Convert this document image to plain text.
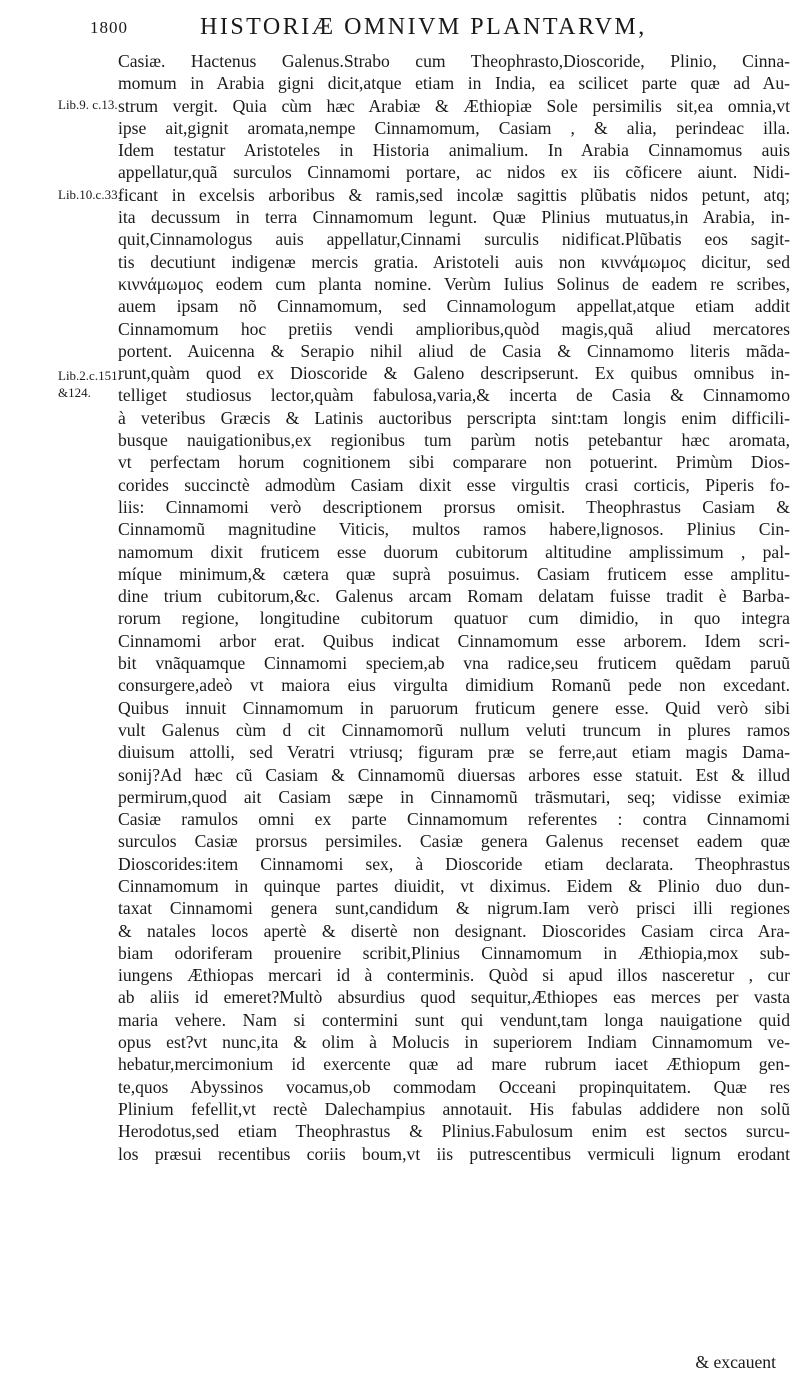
1800	HISTORIÆ OMNIVM PLANTARVM,
Lib.9. c.13.
Lib.10.c.33.
Lib.2.c.151.
&124.
Casiæ. Hactenus Galenus.Strabo cum Theophrasto,Dioscoride, Plinio, Cinna-
momum in Arabia gigni dicit,atque etiam in India, ea scilicet parte quæ ad Au-
strum vergit. Quia cùm hæc Arabiæ & Æthiopiæ Sole persimilis sit,ea omnia,vt
ipse ait,gignit aromata,nempe Cinnamomum, Casiam , & alia, perindeac illa.
Idem testatur Aristoteles in Historia animalium. In Arabia Cinnamomus auis
appellatur,quã surculos Cinnamomi portare, ac nidos ex iis cõficere aiunt. Nidi-
ficant in excelsis arboribus & ramis,sed incolæ sagittis plũbatis nidos petunt, atq;
ita decussum in terra Cinnamomum legunt. Quæ Plinius mutuatus,in Arabia, in-
quit,Cinnamologus auis appellatur,Cinnami surculis nidificat.Plũbatis eos sagit-
tis decutiunt indigenæ mercis gratia. Aristoteli auis non κιννάμωμος dicitur, sed
κιννάμωμος eodem cum planta nomine. Verùm Iulius Solinus de eadem re scribes,
auem ipsam nõ Cinnamomum, sed Cinnamologum appellat,atque etiam addit
Cinnamomum hoc pretiis vendi amplioribus,quòd magis,quã aliud mercatores
portent. Auicenna & Serapio nihil aliud de Casia & Cinnamomo literis mãda-
runt,quàm quod ex Dioscoride & Galeno descripserunt. Ex quibus omnibus in-
telliget studiosus lector,quàm fabulosa,varia,& incerta de Casia & Cinnamomo
à veteribus Græcis & Latinis auctoribus perscripta sint:tam longis enim difficili-
busque nauigationibus,ex regionibus tum parùm notis petebantur hæc aromata,
vt perfectam horum cognitionem sibi comparare non potuerint. Primùm Dios-
corides succinctè admodùm Casiam dixit esse virgultis crasi corticis, Piperis fo-
liis: Cinnamomi verò descriptionem prorsus omisit. Theophrastus Casiam &
Cinnamomũ magnitudine Viticis, multos ramos habere,lignosos. Plinius Cin-
namomum dixit fruticem esse duorum cubitorum altitudine amplissimum , pal-
míque minimum,& cætera quæ suprà posuimus. Casiam fruticem esse amplitu-
dine trium cubitorum,&c. Galenus arcam Romam delatam fuisse tradit è Barba-
rorum regione, longitudine cubitorum quatuor cum dimidio, in quo integra
Cinnamomi arbor erat. Quibus indicat Cinnamomum esse arborem. Idem scri-
bit vnãquamque Cinnamomi speciem,ab vna radice,seu fruticem quẽdam paruũ
consurgere,adeò vt maiora eius virgulta dimidium Romanũ pede non excedant.
Quibus innuit Cinnamomum in paruorum fruticum genere esse. Quid verò sibi
vult Galenus cùm d cit Cinnamomorũ nullum veluti truncum in plures ramos
diuisum attolli, sed Veratri vtriusq; figuram præ se ferre,aut etiam magis Dama-
sonij?Ad hæc cũ Casiam & Cinnamomũ diuersas arbores esse statuit. Est & illud
permirum,quod ait Casiam sæpe in Cinnamomũ trãsmutari, seq; vidisse eximiæ
Casiæ ramulos omni ex parte Cinnamomum referentes : contra Cinnamomi
surculos Casiæ prorsus persimiles. Casiæ genera Galenus recenset eadem quæ
Dioscorides:item Cinnamomi sex, à Dioscoride etiam declarata. Theophrastus
Cinnamomum in quinque partes diuidit, vt diximus. Eidem & Plinio duo dun-
taxat Cinnamomi genera sunt,candidum & nigrum.Iam verò prisci illi regiones
& natales locos apertè & disertè non designant. Dioscorides Casiam circa Ara-
biam odoriferam prouenire scribit,Plinius Cinnamomum in Æthiopia,mox sub-
iungens Æthiopas mercari id à conterminis. Quòd si apud illos nasceretur , cur
ab aliis id emeret?Multò absurdius quod sequitur,Æthiopes eas merces per vasta
maria vehere. Nam si contermini sunt qui vendunt,tam longa nauigatione quid
opus est?vt nunc,ita & olim à Molucis in superiorem Indiam Cinnamomum ve-
hebatur,mercimonium id exercente quæ ad mare rubrum iacet Æthiopum gen-
te,quos Abyssinos vocamus,ob commodam Occeani propinquitatem. Quæ res
Plinium fefellit,vt rectè Dalechampius annotauit. His fabulas addidere non solũ
Herodotus,sed etiam Theophrastus & Plinius.Fabulosum enim est sectos surcu-
los præsui recentibus coriis boum,vt iis putrescentibus vermiculi lignum erodant
& excauent
